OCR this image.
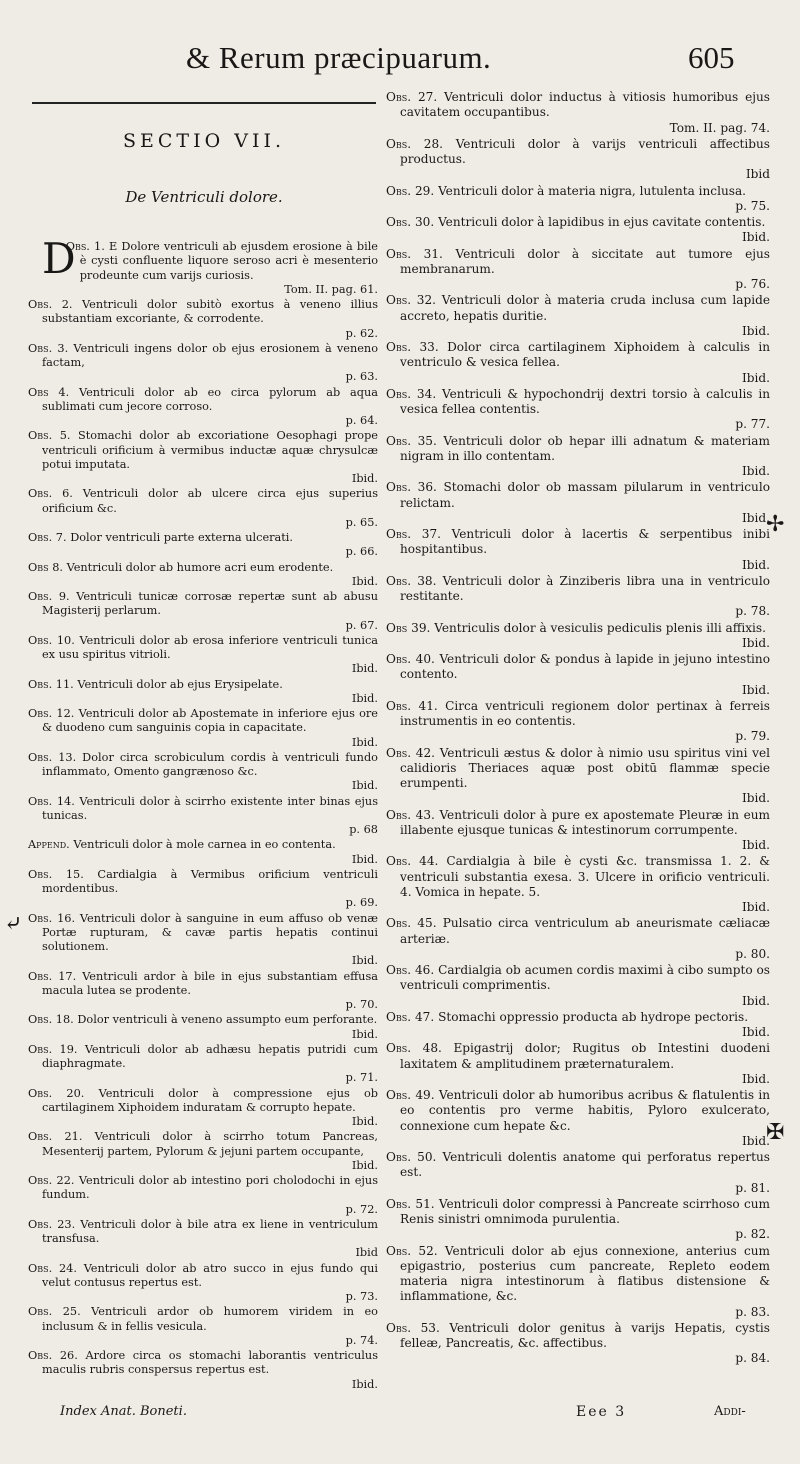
& Rerum præcipuarum.	605
SECTIO VII.
De Ventriculi dolore.
Obs. 1.
D	E Dolore ventriculi ab ejusdem erosione à bile è cysti confluente liquore seroso acri è mesenterio prodeunte cum varijs curiosis.
Tom. II. pag. 61.
Obs. 2. Ventriculi dolor subitò exortus à veneno illius substantiam excoriante, & corrodente.
p. 62.
Obs. 3. Ventriculi ingens dolor ob ejus erosionem à veneno factam,
p. 63.
Obs 4. Ventriculi dolor ab eo circa pylorum ab aqua sublimati cum jecore corroso.
p. 64.
Obs. 5. Stomachi dolor ab excoriatione Oesophagi prope ventriculi orificium à vermibus inductæ aquæ chrysulcæ potui imputata.
Ibid.
Obs. 6. Ventriculi dolor ab ulcere circa ejus superius orificium &c.
p. 65.
Obs. 7. Dolor ventriculi parte externa ulcerati.
p. 66.
Obs 8. Ventriculi dolor ab humore acri eum erodente.
Ibid.
Obs. 9. Ventriculi tunicæ corrosæ repertæ sunt ab abusu Magisterij perlarum.
p. 67.
Obs. 10. Ventriculi dolor ab erosa inferiore ventriculi tunica ex usu spiritus vitrioli.
Ibid.
Obs. 11. Ventriculi dolor ab ejus Erysipelate.
Ibid.
Obs. 12. Ventriculi dolor ab Apostemate in inferiore ejus ore & duodeno cum sanguinis copia in capacitate.
Ibid.
Obs. 13. Dolor circa scrobiculum cordis à ventriculi fundo inflammato, Omento gangrænoso &c.
Ibid.
Obs. 14. Ventriculi dolor à scirrho existente inter binas ejus tunicas.
p. 68
Append. Ventriculi dolor à mole carnea in eo contenta.
Ibid.
Obs. 15. Cardialgia à Vermibus orificium ventriculi mordentibus.
p. 69.
Obs. 16. Ventriculi dolor à sanguine in eum affuso ob venæ Portæ rupturam, & cavæ partis hepatis continui solutionem.
Ibid.
Obs. 17. Ventriculi ardor à bile in ejus substantiam effusa macula lutea se prodente.
p. 70.
Obs. 18. Dolor ventriculi à veneno assumpto eum perforante.
Ibid.
Obs. 19. Ventriculi dolor ab adhæsu hepatis putridi cum diaphragmate.
p. 71.
Obs. 20. Ventriculi dolor à compressione ejus ob cartilaginem Xiphoidem induratam & corrupto hepate.
Ibid.
Obs. 21. Ventriculi dolor à scirrho totum Pancreas, Mesenterij partem, Pylorum & jejuni partem occupante,
Ibid.
Obs. 22. Ventriculi dolor ab intestino pori cholodochi in ejus fundum.
p. 72.
Obs. 23. Ventriculi dolor à bile atra ex liene in ventriculum transfusa.
Ibid
Obs. 24. Ventriculi dolor ab atro succo in ejus fundo qui velut contusus repertus est.
p. 73.
Obs. 25. Ventriculi ardor ob humorem viridem in eo inclusum & in fellis vesicula.
p. 74.
Obs. 26. Ardore circa os stomachi laborantis ventriculus maculis rubris conspersus repertus est.
Ibid.
Obs. 27. Ventriculi dolor inductus à vitiosis humoribus ejus cavitatem occupantibus.
Tom. II. pag. 74.
Obs. 28. Ventriculi dolor à varijs ventriculi affectibus productus.
Ibid
Obs. 29. Ventriculi dolor à materia nigra, lutulenta inclusa.
p. 75.
Obs. 30. Ventriculi dolor à lapidibus in ejus cavitate contentis.
Ibid.
Obs. 31. Ventriculi dolor à siccitate aut tumore ejus membranarum.
p. 76.
Obs. 32. Ventriculi dolor à materia cruda inclusa cum lapide accreto, hepatis duritie.
Ibid.
Obs. 33. Dolor circa cartilaginem Xiphoidem à calculis in ventriculo & vesica fellea.
Ibid.
Obs. 34. Ventriculi & hypochondrij dextri torsio à calculis in vesica fellea contentis.
p. 77.
Obs. 35. Ventriculi dolor ob hepar illi adnatum & materiam nigram in illo contentam.
Ibid.
Obs. 36. Stomachi dolor ob massam pilularum in ventriculo relictam.
Ibid.
Obs. 37. Ventriculi dolor à lacertis & serpentibus inibi hospitantibus.
Ibid.
Obs. 38. Ventriculi dolor à Zinziberis libra una in ventriculo restitante.
p. 78.
Obs 39. Ventriculis dolor à vesiculis pediculis plenis illi affixis.
Ibid.
Obs. 40. Ventriculi dolor & pondus à lapide in jejuno intestino contento.
Ibid.
Obs. 41. Circa ventriculi regionem dolor pertinax à ferreis instrumentis in eo contentis.
p. 79.
Obs. 42. Ventriculi æstus & dolor à nimio usu spiritus vini vel calidioris Theriaces aquæ post obitū flammæ specie erumpenti.
Ibid.
Obs. 43. Ventriculi dolor à pure ex apostemate Pleuræ in eum illabente ejusque tunicas & intestinorum corrumpente.
Ibid.
Obs. 44. Cardialgia à bile è cysti &c. transmissa 1. 2. & ventriculi substantia exesa. 3. Ulcere in orificio ventriculi. 4. Vomica in hepate. 5.
Ibid.
Obs. 45. Pulsatio circa ventriculum ab aneurismate cæliacæ arteriæ.
p. 80.
Obs. 46. Cardialgia ob acumen cordis maximi à cibo sumpto os ventriculi comprimentis.
Ibid.
Obs. 47. Stomachi oppressio producta ab hydrope pectoris.
Ibid.
Obs. 48. Epigastrij dolor; Rugitus ob Intestini duodeni laxitatem & amplitudinem præternaturalem.
Ibid.
Obs. 49. Ventriculi dolor ab humoribus acribus & flatulentis in eo contentis pro verme habitis, Pyloro exulcerato, connexione cum hepate &c.
Ibid.
Obs. 50. Ventriculi dolentis anatome qui perforatus repertus est.
p. 81.
Obs. 51. Ventriculi dolor compressi à Pancreate scirrhoso cum Renis sinistri omnimoda purulentia.
p. 82.
Obs. 52. Ventriculi dolor ab ejus connexione, anterius cum epigastrio, posterius cum pancreate, Repleto eodem materia nigra intestinorum à flatibus distensione & inflammatione, &c.
p. 83.
Obs. 53. Ventriculi dolor genitus à varijs Hepatis, cystis felleæ, Pancreatis, &c. affectibus.
p. 84.
✢
⤶
✠
Index Anat. Boneti.	Eee 3	Addi-
